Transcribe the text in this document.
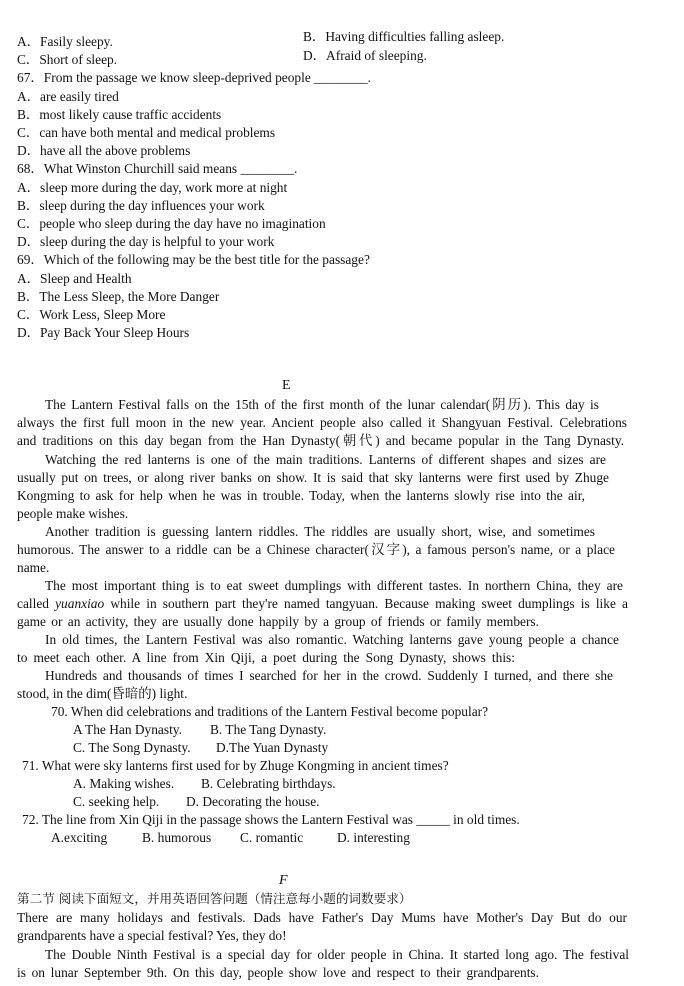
A．Fasily sleepy.	B．Having difficulties falling asleep.
C．Short of sleep.	D．Afraid of sleeping.
67．From the passage we know sleep-deprived people ________.
A．are easily tired
B．most likely cause traffic accidents
C．can have both mental and medical problems
D．have all the above problems
68．What Winston Churchill said means ________.
A．sleep more during the day, work more at night
B．sleep during the day influences your work
C．people who sleep during the day have no imagination
D．sleep during the day is helpful to your work
69．Which of the following may be the best title for the passage?
A．Sleep and Health
B．The Less Sleep, the More Danger
C．Work Less, Sleep More
D．Pay Back Your Sleep Hours
E
The Lantern Festival falls on the 15th of the first month of the lunar calendar(阴历). This day is
always the first full moon in the new year. Ancient people also called it Shangyuan Festival. Celebrations
and traditions on this day began from the Han Dynasty(朝代) and became popular in the Tang Dynasty.
Watching the red lanterns is one of the main traditions. Lanterns of different shapes and sizes are
usually put on trees, or along river banks on show. It is said that sky lanterns were first used by Zhuge
Kongming to ask for help when he was in trouble. Today, when the lanterns slowly rise into the air,
people make wishes.
Another tradition is guessing lantern riddles. The riddles are usually short, wise, and sometimes
humorous. The answer to a riddle can be a Chinese character(汉字), a famous person's name, or a place
name.
The most important thing is to eat sweet dumplings with different tastes. In northern China, they are
called yuanxiao while in southern part they're named tangyuan. Because making sweet dumplings is like a
game or an activity, they are usually done happily by a group of friends or family members.
In old times, the Lantern Festival was also romantic. Watching lanterns gave young people a chance
to meet each other. A line from Xin Qiji, a poet during the Song Dynasty, shows this:
Hundreds and thousands of times I searched for her in the crowd. Suddenly I turned, and there she
stood, in the dim(昏暗的) light.
70. When did celebrations and traditions of the Lantern Festival become popular?
A The Han Dynasty. B. The Tang Dynasty.
C. The Song Dynasty. D.The Yuan Dynasty
71. What were sky lanterns first used for by Zhuge Kongming in ancient times?
A. Making wishes. B. Celebrating birthdays.
C. seeking help. D. Decorating the house.
72. The line from Xin Qiji in the passage shows the Lantern Festival was _____ in old times.
A.exciting	B. humorous C. romantic	D. interesting
F
第二节 阅读下面短文，并用英语回答问题（情注意每小题的词数要求）
There are many holidays and festivals. Dads have Father's Day Mums have Mother's Day But do our
grandparents have a special festival? Yes, they do!
The Double Ninth Festival is a special day for older people in China. It started long ago. The festival
is on lunar September 9th. On this day, people show love and respect to their grandparents.
